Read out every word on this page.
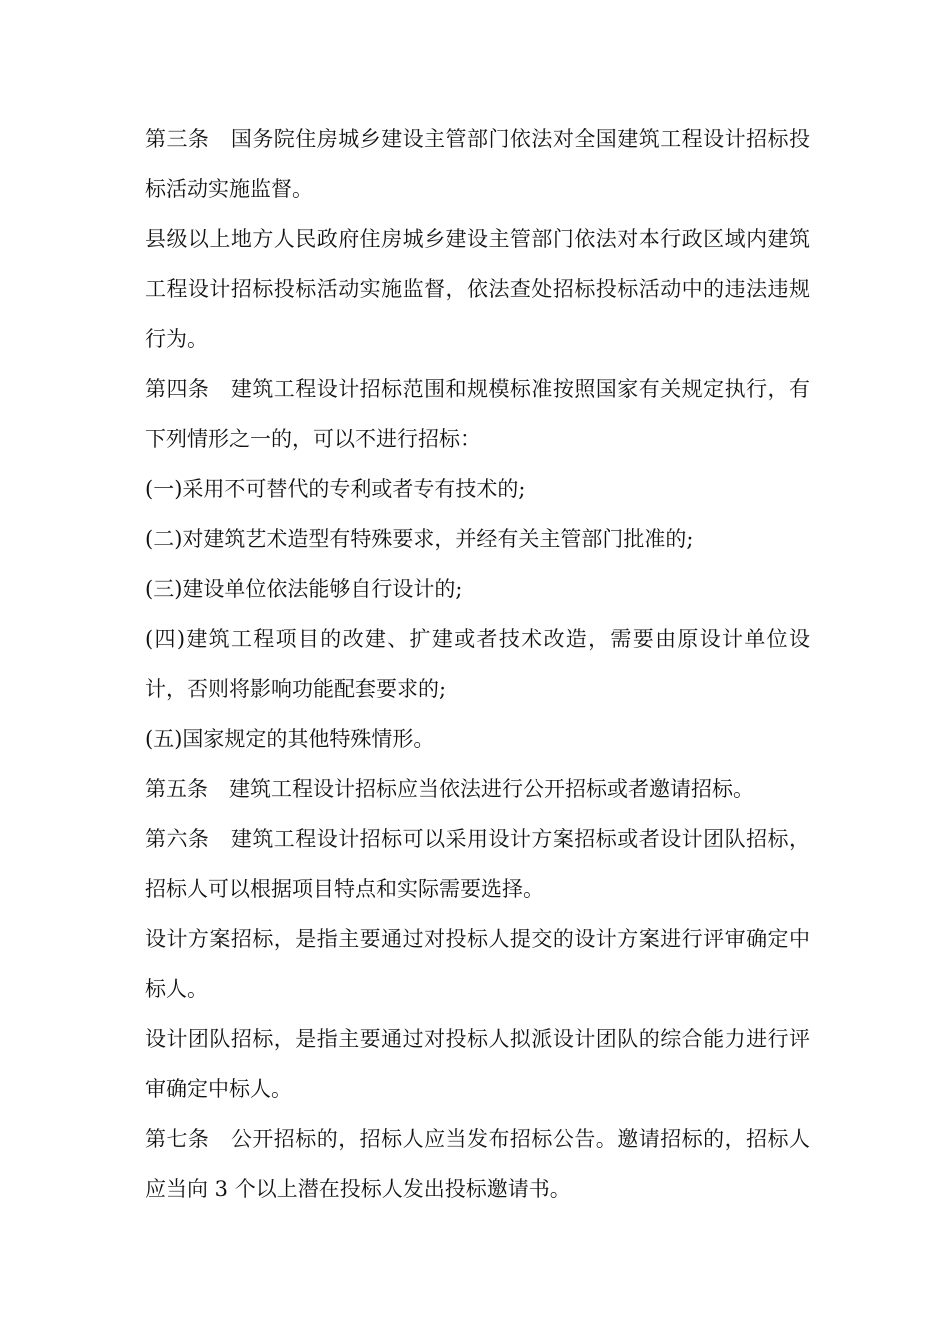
第三条　国务院住房城乡建设主管部门依法对全国建筑工程设计招标投标活动实施监督。

县级以上地方人民政府住房城乡建设主管部门依法对本行政区域内建筑工程设计招标投标活动实施监督，依法查处招标投标活动中的违法违规行为。

第四条　建筑工程设计招标范围和规模标准按照国家有关规定执行，有下列情形之一的，可以不进行招标：

(一)采用不可替代的专利或者专有技术的;

(二)对建筑艺术造型有特殊要求，并经有关主管部门批准的;

(三)建设单位依法能够自行设计的;

(四)建筑工程项目的改建、扩建或者技术改造，需要由原设计单位设计，否则将影响功能配套要求的;

(五)国家规定的其他特殊情形。

第五条　建筑工程设计招标应当依法进行公开招标或者邀请招标。

第六条　建筑工程设计招标可以采用设计方案招标或者设计团队招标，招标人可以根据项目特点和实际需要选择。

设计方案招标，是指主要通过对投标人提交的设计方案进行评审确定中标人。

设计团队招标，是指主要通过对投标人拟派设计团队的综合能力进行评审确定中标人。

第七条　公开招标的，招标人应当发布招标公告。邀请招标的，招标人应当向 3 个以上潜在投标人发出投标邀请书。
